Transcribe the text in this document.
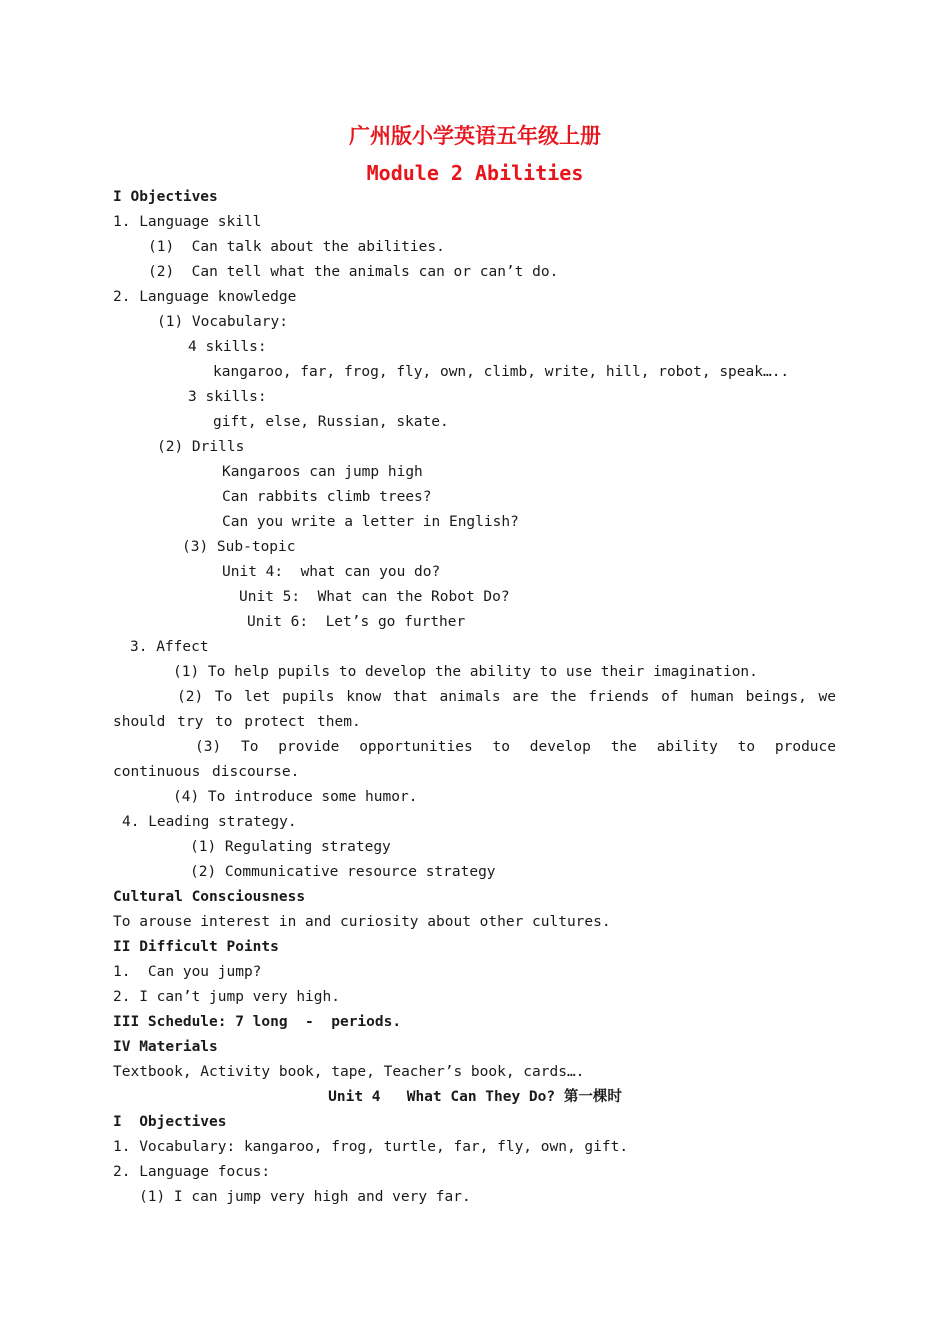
广州版小学英语五年级上册
Module 2 Abilities
I Objectives
1. Language skill
(1)  Can talk about the abilities.
(2)  Can tell what the animals can or can’t do.
2. Language knowledge
(1) Vocabulary:
4 skills:
kangaroo, far, frog, fly, own, climb, write, hill, robot, speak…..
3 skills:
gift, else, Russian, skate.
(2) Drills
Kangaroos can jump high
Can rabbits climb trees?
Can you write a letter in English?
(3) Sub-topic
Unit 4:  what can you do?
Unit 5:  What can the Robot Do?
Unit 6:  Let’s go further
3. Affect
(1) To help pupils to develop the ability to use their imagination.
(2) To let pupils know that animals are the friends of human beings, we should try to protect them.
(3) To provide opportunities to develop the ability to produce continuous discourse.
(4) To introduce some humor.
4. Leading strategy.
(1) Regulating strategy
(2) Communicative resource strategy
Cultural Consciousness
To arouse interest in and curiosity about other cultures.
II Difficult Points
1.  Can you jump?
2. I can’t jump very high.
III Schedule: 7 long  -  periods.
IV Materials
Textbook, Activity book, tape, Teacher’s book, cards….
Unit 4   What Can They Do? 第一棵时
I  Objectives
1. Vocabulary: kangaroo, frog, turtle, far, fly, own, gift.
2. Language focus:
(1) I can jump very high and very far.
